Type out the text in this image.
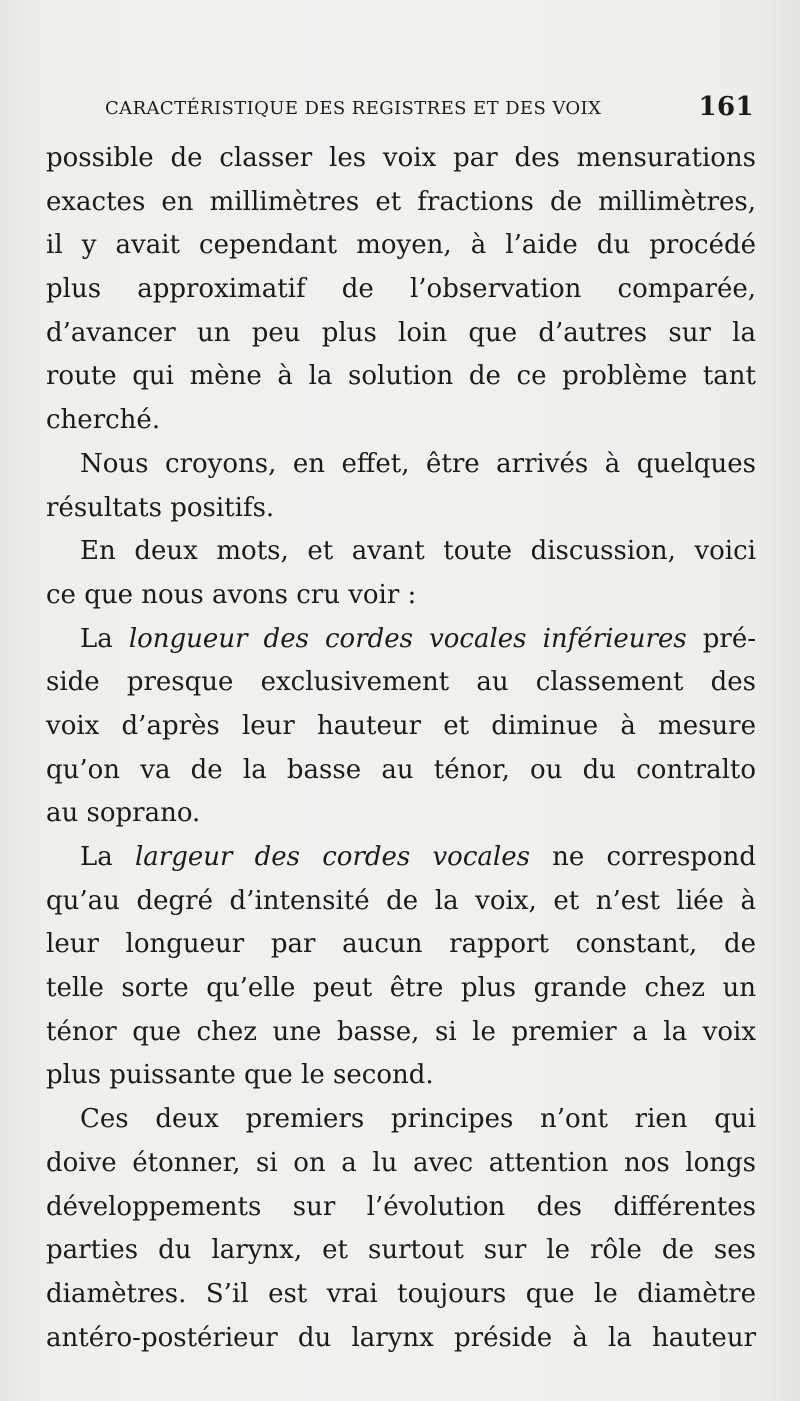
CARACTÉRISTIQUE DES REGISTRES ET DES VOIX	161
possible de classer les voix par des mensurations
exactes en millimètres et fractions de millimètres,
il y avait cependant moyen, à l’aide du procédé
plus approximatif de l’observation comparée,
d’avancer un peu plus loin que d’autres sur la
route qui mène à la solution de ce problème tant
cherché.
Nous croyons, en effet, être arrivés à quelques
résultats positifs.
En deux mots, et avant toute discussion, voici
ce que nous avons cru voir :
La longueur des cordes vocales inférieures pré-
side presque exclusivement au classement des
voix d’après leur hauteur et diminue à mesure
qu’on va de la basse au ténor, ou du contralto
au soprano.
La largeur des cordes vocales ne correspond
qu’au degré d’intensité de la voix, et n’est liée à
leur longueur par aucun rapport constant, de
telle sorte qu’elle peut être plus grande chez un
ténor que chez une basse, si le premier a la voix
plus puissante que le second.
Ces deux premiers principes n’ont rien qui
doive étonner, si on a lu avec attention nos longs
développements sur l’évolution des différentes
parties du larynx, et surtout sur le rôle de ses
diamètres. S’il est vrai toujours que le diamètre
antéro-postérieur du larynx préside à la hauteur
